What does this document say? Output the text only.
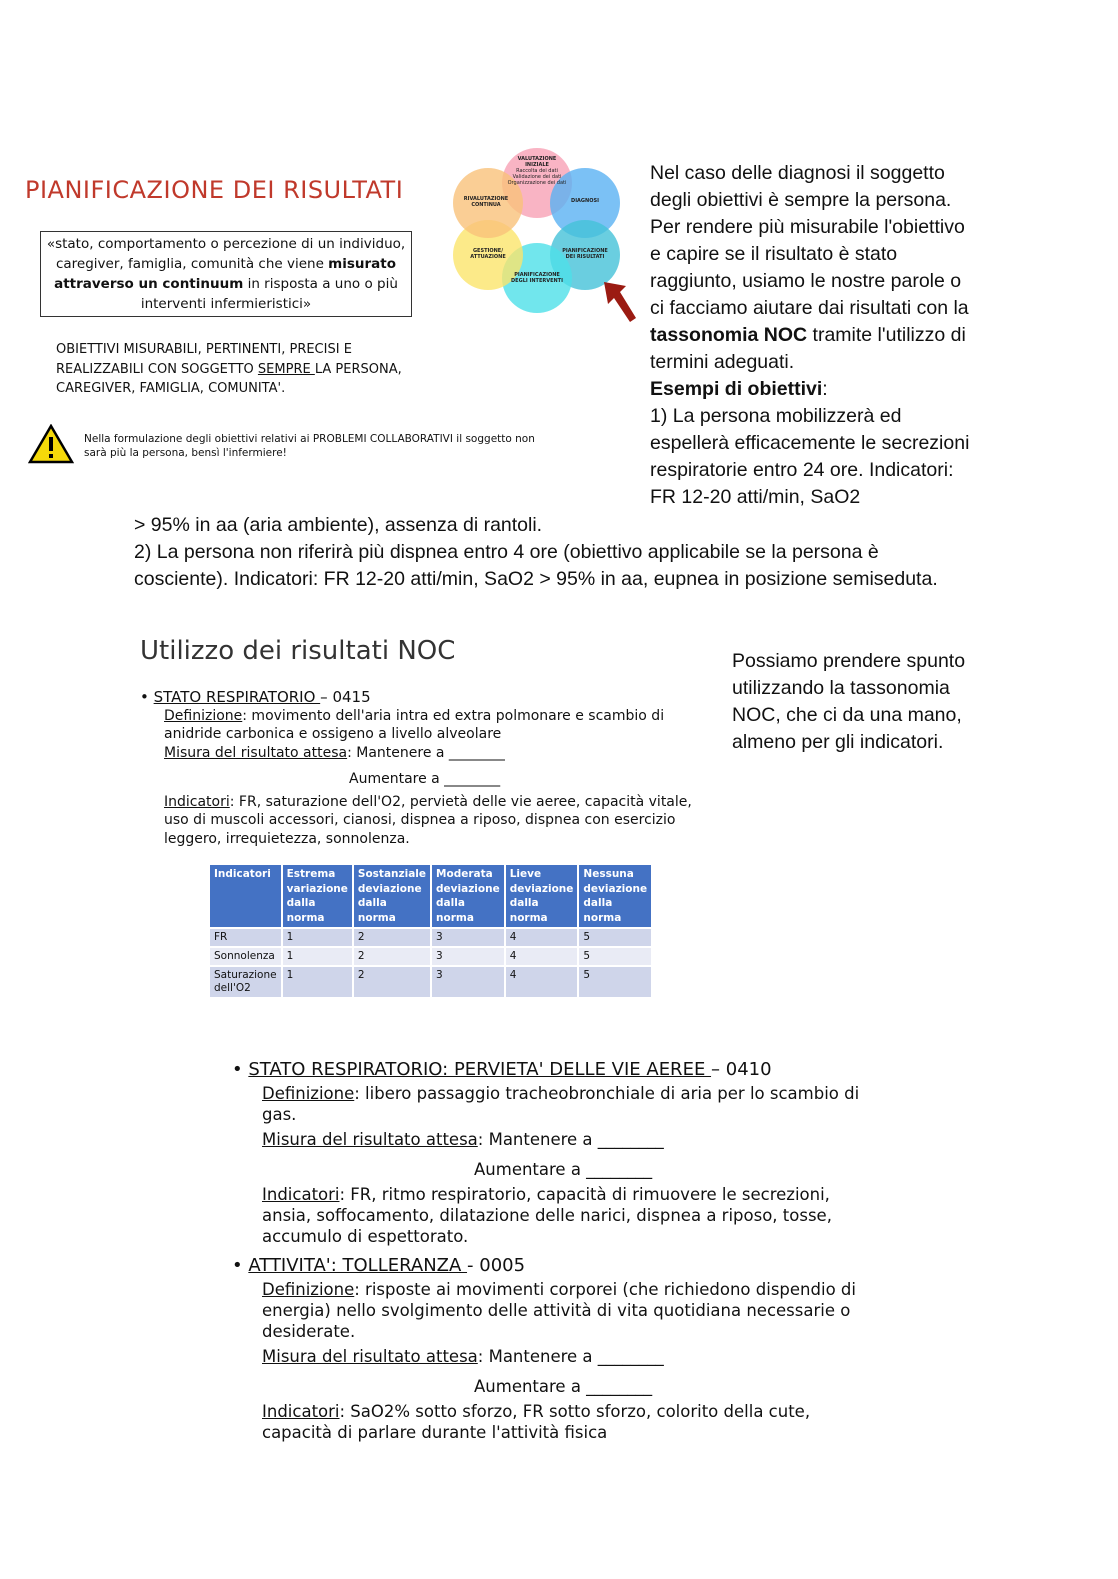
PIANIFICAZIONE DEI RISULTATI
«stato, comportamento o percezione di un individuo, caregiver, famiglia, comunità che viene misurato attraverso un continuum in risposta a uno o più interventi infermieristici»
OBIETTIVI MISURABILI, PERTINENTI, PRECISI E REALIZZABILI CON SOGGETTO SEMPRE LA PERSONA, CAREGIVER, FAMIGLIA, COMUNITA'.
Nella formulazione degli obiettivi relativi ai PROBLEMI COLLABORATIVI il soggetto non sarà più la persona, bensì l'infermiere!
VALUTAZIONE INIZIALE
Raccolta dei dati Validazione dei dati Organizzazione dei dati
DIAGNOSI
PIANIFICAZIONE DEI RISULTATI
PIANIFICAZIONE DEGLI INTERVENTI
GESTIONE/ ATTUAZIONE
RIVALUTAZIONE CONTINUA
Nel caso delle diagnosi il soggetto degli obiettivi è sempre la persona. Per rendere più misurabile l'obiettivo e capire se il risultato è stato raggiunto, usiamo le nostre parole o ci facciamo aiutare dai risultati con la tassonomia NOC tramite l'utilizzo di termini adeguati.
Esempi di obiettivi:
1) La persona mobilizzerà ed espellerà efficacemente le secrezioni respiratorie entro 24 ore. Indicatori: FR 12-20 atti/min, SaO2
> 95% in aa (aria ambiente), assenza di rantoli.
2) La persona non riferirà più dispnea entro 4 ore (obiettivo applicabile se la persona è cosciente). Indicatori: FR 12-20 atti/min, SaO2 > 95% in aa, eupnea in posizione semiseduta.
Utilizzo dei risultati NOC	Possiamo prendere spunto utilizzando la tassonomia NOC, che ci da una mano, almeno per gli indicatori.
• STATO RESPIRATORIO – 0415
Definizione: movimento dell'aria intra ed extra polmonare e scambio di anidride carbonica e ossigeno a livello alveolare
Misura del risultato attesa: Mantenere a ________
Aumentare a ________
Indicatori: FR, saturazione dell'O2, pervietà delle vie aeree, capacità vitale, uso di muscoli accessori, cianosi, dispnea a riposo, dispnea con esercizio leggero, irrequietezza, sonnolenza.
Indicatori	Estrema variazione dalla norma	Sostanziale deviazione dalla norma	Moderata deviazione dalla norma	Lieve deviazione dalla norma	Nessuna deviazione dalla norma
FR	1	2	3	4	5
Sonnolenza	1	2	3	4	5
Saturazione dell'O2	1	2	3	4	5
• STATO RESPIRATORIO: PERVIETA' DELLE VIE AEREE – 0410
Definizione: libero passaggio tracheobronchiale di aria per lo scambio di gas.
Misura del risultato attesa: Mantenere a ________
Aumentare a ________
Indicatori: FR, ritmo respiratorio, capacità di rimuovere le secrezioni, ansia, soffocamento, dilatazione delle narici, dispnea a riposo, tosse, accumulo di espettorato.
• ATTIVITA': TOLLERANZA - 0005
Definizione: risposte ai movimenti corporei (che richiedono dispendio di energia) nello svolgimento delle attività di vita quotidiana necessarie o desiderate.
Misura del risultato attesa: Mantenere a ________
Aumentare a ________
Indicatori: SaO2% sotto sforzo, FR sotto sforzo, colorito della cute, capacità di parlare durante l'attività fisica
